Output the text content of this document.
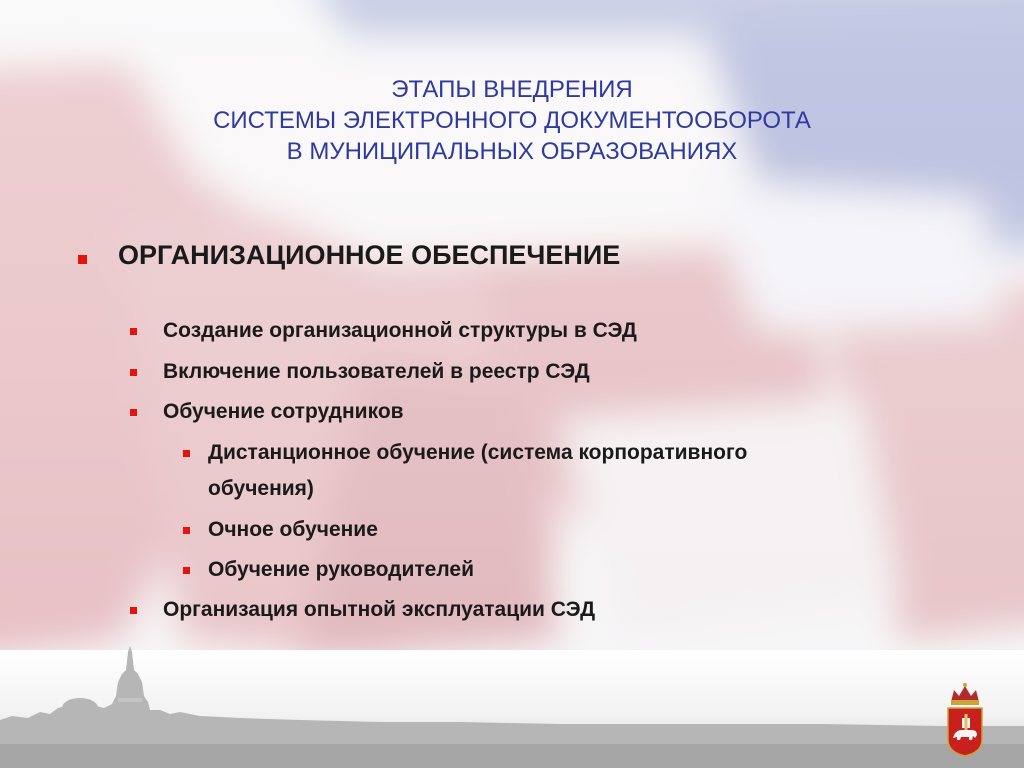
ЭТАПЫ ВНЕДРЕНИЯ
СИСТЕМЫ ЭЛЕКТРОННОГО ДОКУМЕНТООБОРОТА
В МУНИЦИПАЛЬНЫХ ОБРАЗОВАНИЯХ
ОРГАНИЗАЦИОННОЕ ОБЕСПЕЧЕНИЕ
Создание организационной структуры в СЭД
Включение пользователей в реестр СЭД
Обучение сотрудников
Дистанционное обучение (система корпоративного
обучения)
Очное обучение
Обучение руководителей
Организация опытной эксплуатации СЭД
